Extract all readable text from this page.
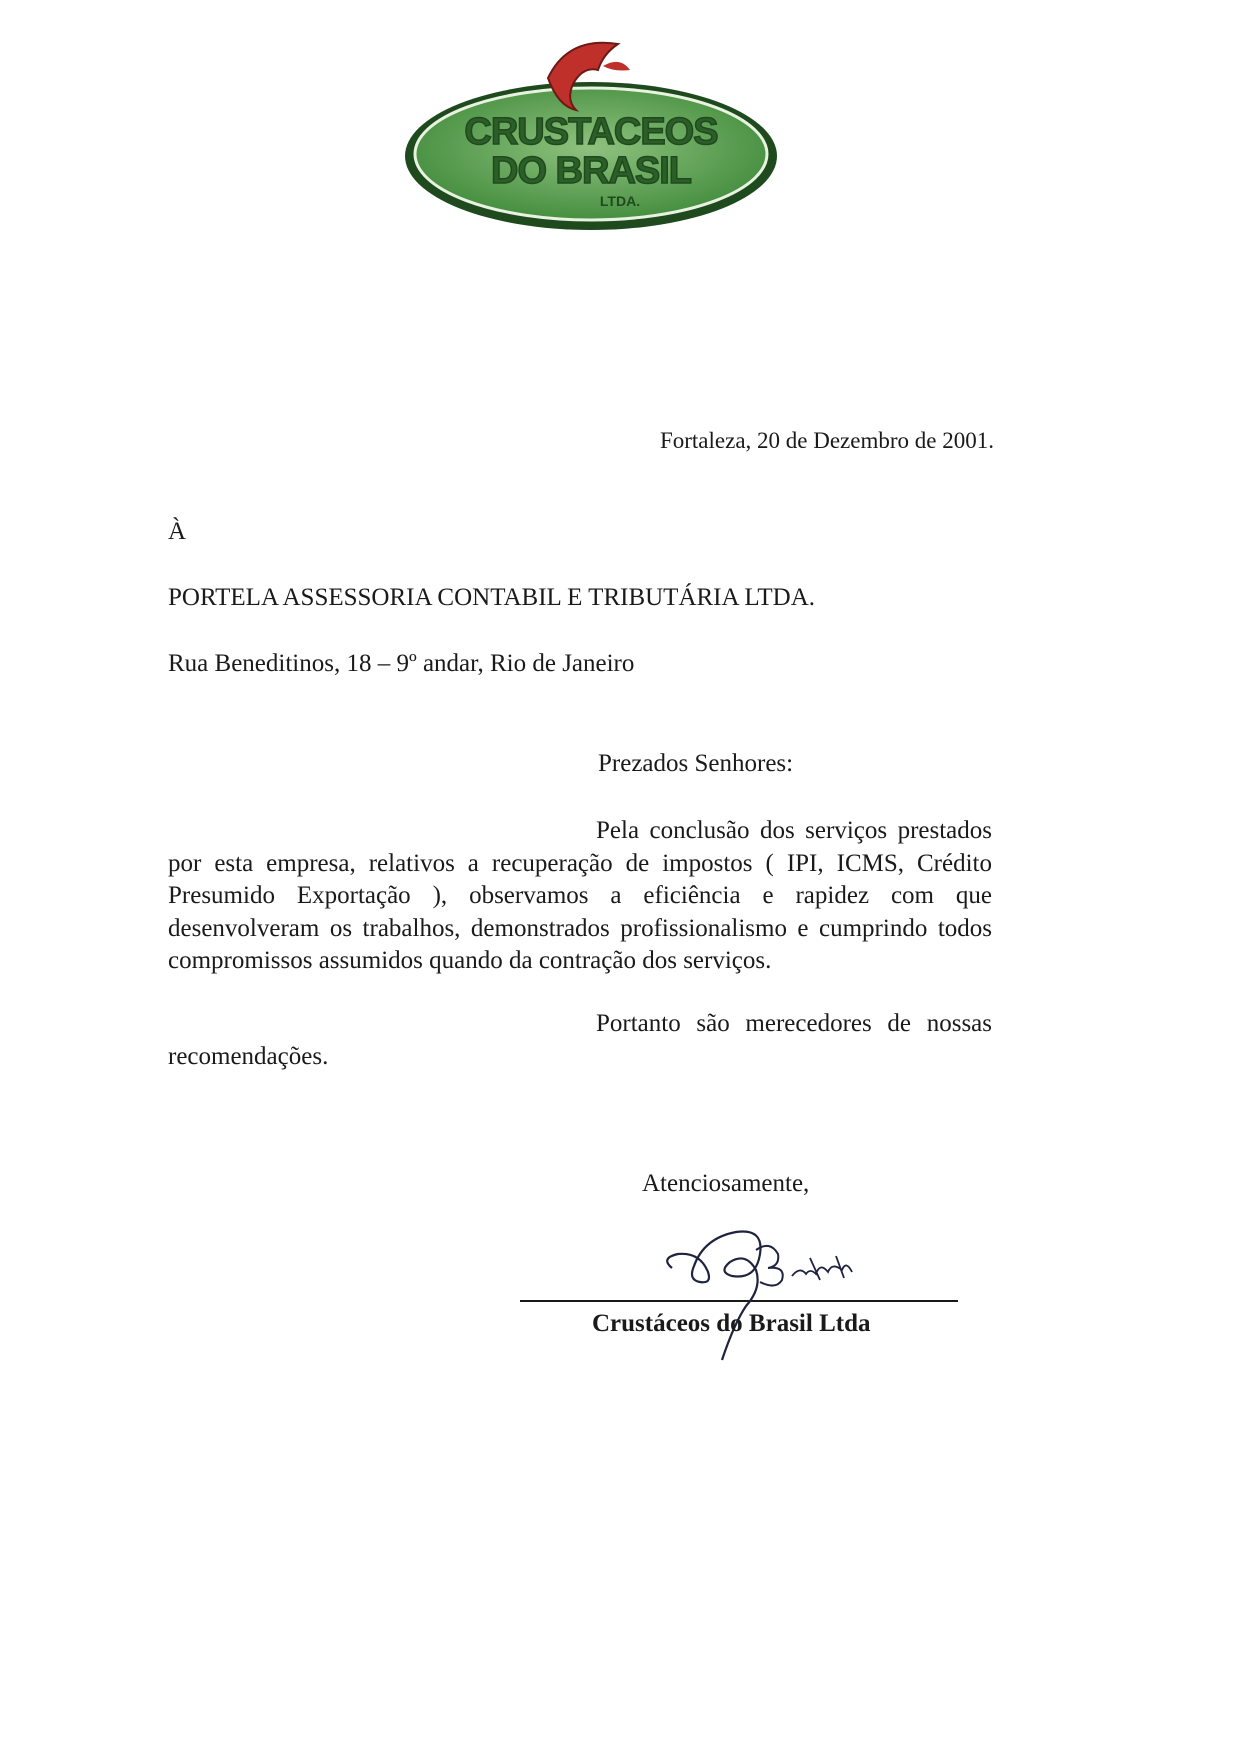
CRUSTACEOS
DO BRASIL
LTDA.
Fortaleza, 20 de Dezembro de 2001.
À
PORTELA ASSESSORIA CONTABIL E TRIBUTÁRIA LTDA.
Rua Beneditinos, 18 – 9º andar, Rio de Janeiro
Prezados Senhores:
Pela conclusão dos serviços prestados por esta empresa, relativos a recuperação de impostos ( IPI, ICMS, Crédito Presumido Exportação ), observamos a eficiência e rapidez com que desenvolveram os trabalhos, demonstrados profissionalismo e cumprindo todos compromissos assumidos quando da contração dos serviços.
Portanto são merecedores de nossas recomendações.
Atenciosamente,
Crustáceos do Brasil Ltda
